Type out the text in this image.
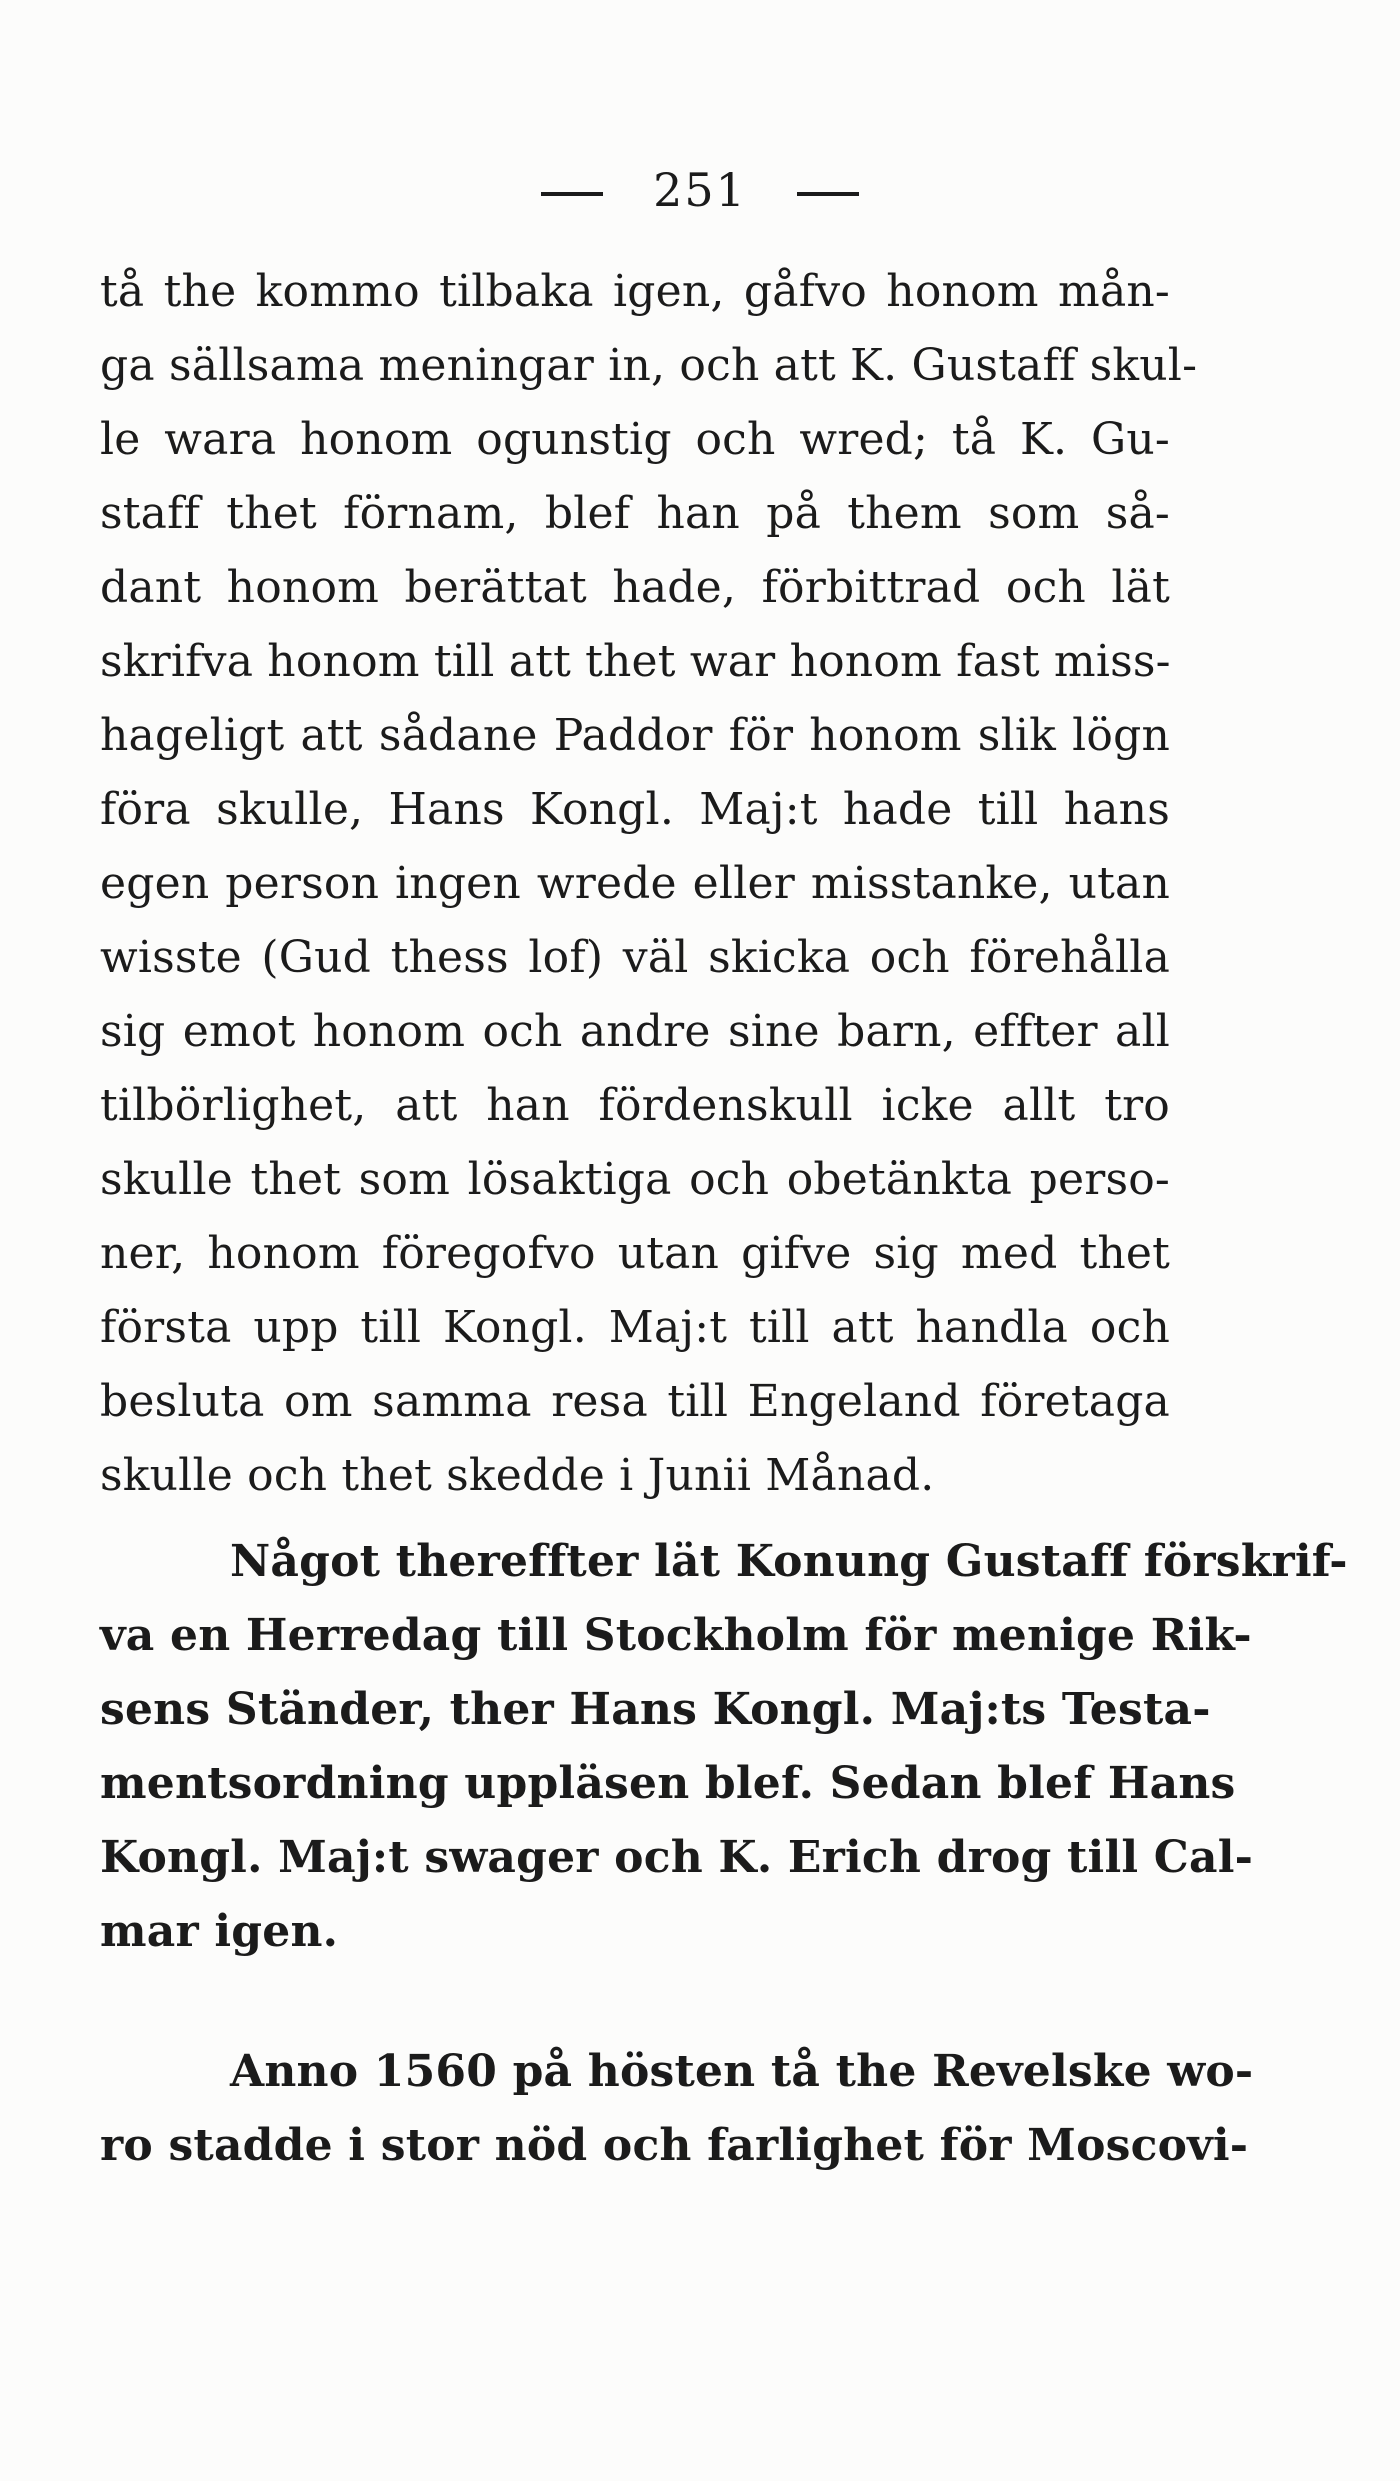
251
tå the kommo tilbaka igen, gåfvo honom mån-
ga sällsama meningar in, och att K. Gustaff skul-
le wara honom ogunstig och wred; tå K. Gu-
staff thet förnam, blef han på them som så-
dant honom berättat hade, förbittrad och lät
skrifva honom till att thet war honom fast miss-
hageligt att sådane Paddor för honom slik lögn
föra skulle, Hans Kongl. Maj:t hade till hans
egen person ingen wrede eller misstanke, utan
wisste (Gud thess lof) väl skicka och förehålla
sig emot honom och andre sine barn, effter all
tilbörlighet, att han fördenskull icke allt tro
skulle thet som lösaktiga och obetänkta perso-
ner, honom föregofvo utan gifve sig med thet
första upp till Kongl. Maj:t till att handla och
besluta om samma resa till Engeland företaga
skulle och thet skedde i Junii Månad.
Något thereffter lät Konung Gustaff förskrif-
va en Herredag till Stockholm för menige Rik-
sens Ständer, ther Hans Kongl. Maj:ts Testa-
mentsordning uppläsen blef. Sedan blef Hans
Kongl. Maj:t swager och K. Erich drog till Cal-
mar igen.
Anno 1560 på hösten tå the Revelske wo-
ro stadde i stor nöd och farlighet för Moscovi-
